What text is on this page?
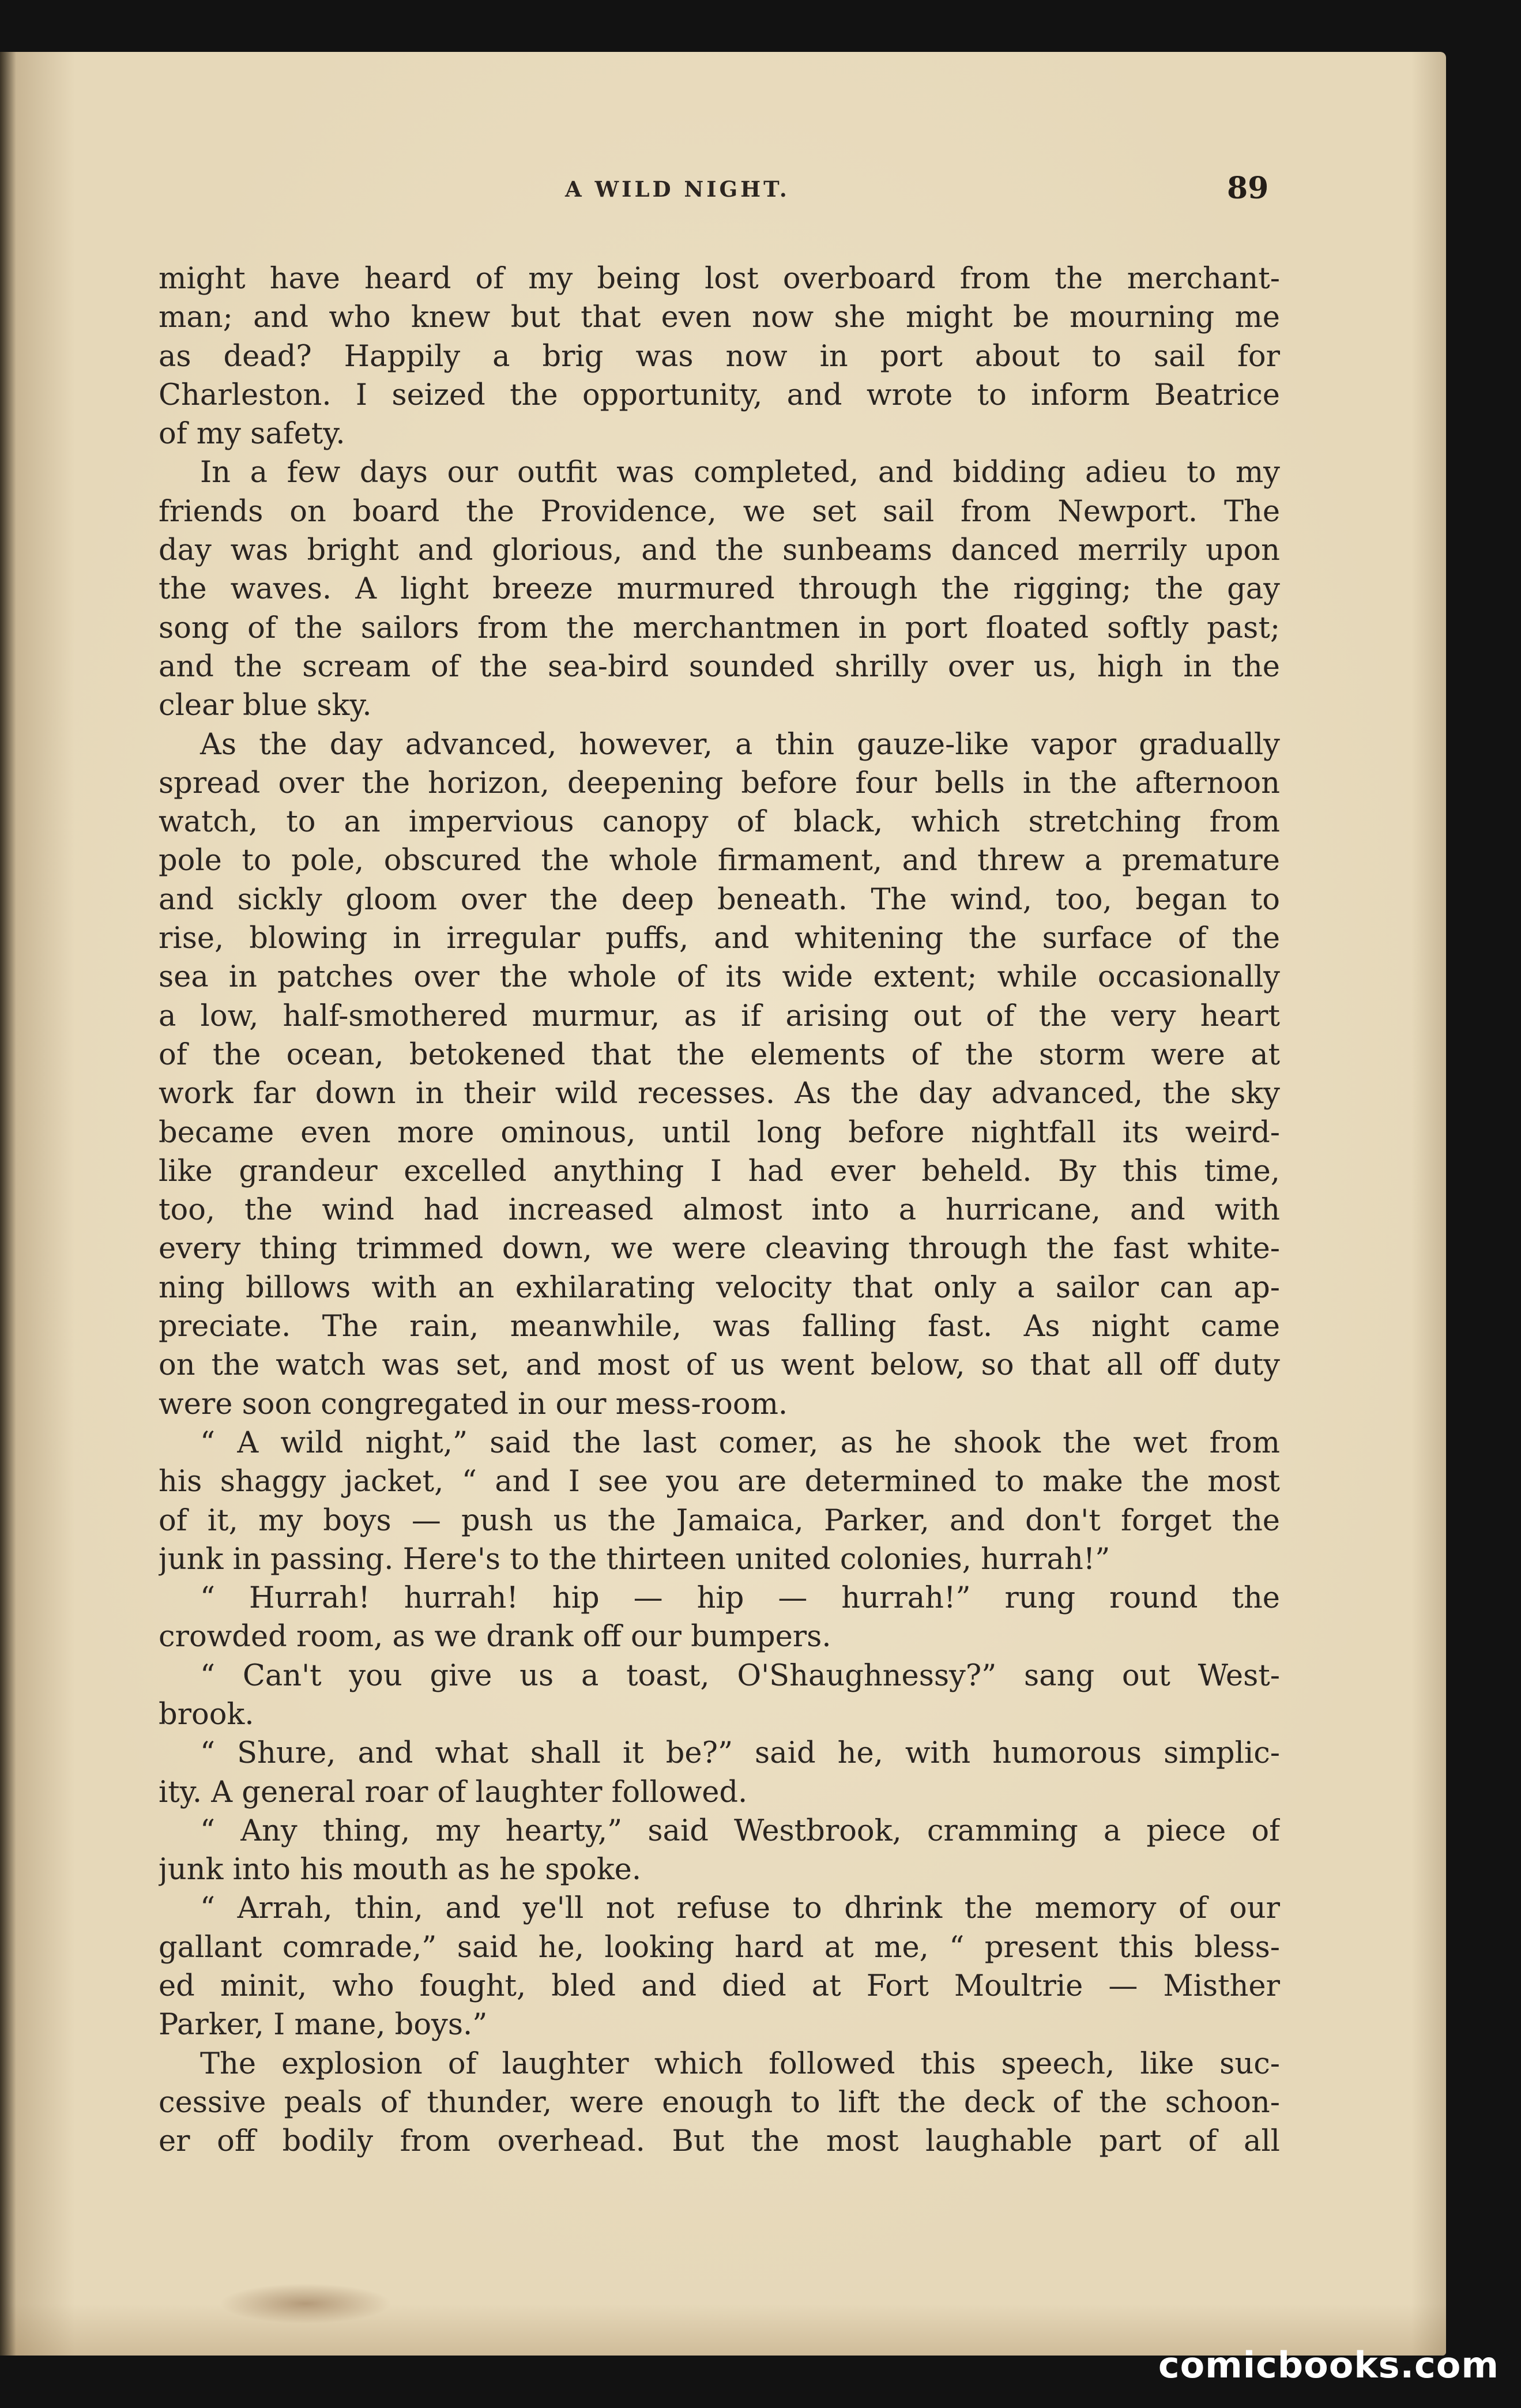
A WILD NIGHT.	89

might have heard of my being lost overboard from the merchant-

man; and who knew but that even now she might be mourning me

as dead? Happily a brig was now in port about to sail for

Charleston. I seized the opportunity, and wrote to inform Beatrice

of my safety.

In a few days our outfit was completed, and bidding adieu to my

friends on board the Providence, we set sail from Newport. The

day was bright and glorious, and the sunbeams danced merrily upon

the waves. A light breeze murmured through the rigging; the gay

song of the sailors from the merchantmen in port floated softly past;

and the scream of the sea-bird sounded shrilly over us, high in the

clear blue sky.

As the day advanced, however, a thin gauze-like vapor gradually

spread over the horizon, deepening before four bells in the afternoon

watch, to an impervious canopy of black, which stretching from

pole to pole, obscured the whole firmament, and threw a premature

and sickly gloom over the deep beneath. The wind, too, began to

rise, blowing in irregular puffs, and whitening the surface of the

sea in patches over the whole of its wide extent; while occasionally

a low, half-smothered murmur, as if arising out of the very heart

of the ocean, betokened that the elements of the storm were at

work far down in their wild recesses. As the day advanced, the sky

became even more ominous, until long before nightfall its weird-

like grandeur excelled anything I had ever beheld. By this time,

too, the wind had increased almost into a hurricane, and with

every thing trimmed down, we were cleaving through the fast white-

ning billows with an exhilarating velocity that only a sailor can ap-

preciate. The rain, meanwhile, was falling fast. As night came

on the watch was set, and most of us went below, so that all off duty

were soon congregated in our mess-room.

“ A wild night,” said the last comer, as he shook the wet from

his shaggy jacket, “ and I see you are determined to make the most

of it, my boys — push us the Jamaica, Parker, and don't forget the

junk in passing. Here's to the thirteen united colonies, hurrah!”

“ Hurrah! hurrah! hip — hip — hurrah!” rung round the

crowded room, as we drank off our bumpers.

“ Can't you give us a toast, O'Shaughnessy?” sang out West-

brook.

“ Shure, and what shall it be?” said he, with humorous simplic-

ity. A general roar of laughter followed.

“ Any thing, my hearty,” said Westbrook, cramming a piece of

junk into his mouth as he spoke.

“ Arrah, thin, and ye'll not refuse to dhrink the memory of our

gallant comrade,” said he, looking hard at me, “ present this bless-

ed minit, who fought, bled and died at Fort Moultrie — Misther

Parker, I mane, boys.”

The explosion of laughter which followed this speech, like suc-

cessive peals of thunder, were enough to lift the deck of the schoon-

er off bodily from overhead. But the most laughable part of all

comicbooks.com
